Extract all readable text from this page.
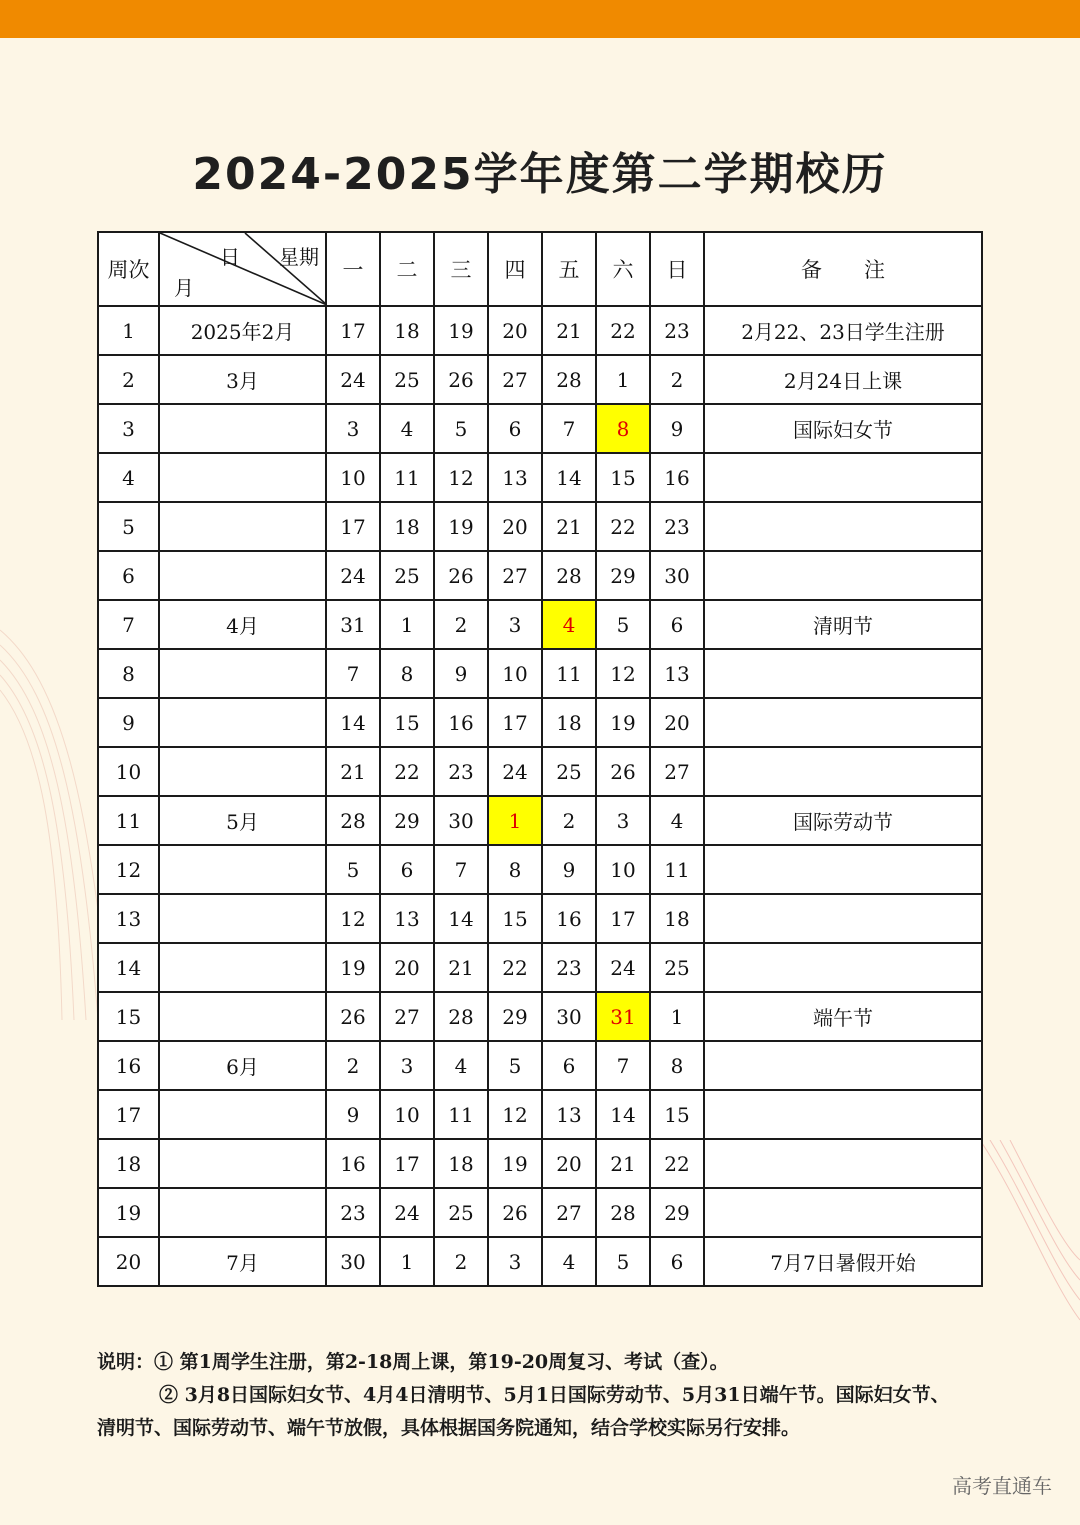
2024-2025学年度第二学期校历
周次	日 星期
月	一	二	三	四	五	六	日	备　　注
1	2025年2月	17	18	19	20	21	22	23	2月22、23日学生注册
2	3月	24	25	26	27	28	1	2	2月24日上课
3		3	4	5	6	7	8	9	国际妇女节
4		10	11	12	13	14	15	16	
5		17	18	19	20	21	22	23	
6		24	25	26	27	28	29	30	
7	4月	31	1	2	3	4	5	6	清明节
8		7	8	9	10	11	12	13	
9		14	15	16	17	18	19	20	
10		21	22	23	24	25	26	27	
11	5月	28	29	30	1	2	3	4	国际劳动节
12		5	6	7	8	9	10	11	
13		12	13	14	15	16	17	18	
14		19	20	21	22	23	24	25	
15		26	27	28	29	30	31	1	端午节
16	6月	2	3	4	5	6	7	8	
17		9	10	11	12	13	14	15	
18		16	17	18	19	20	21	22	
19		23	24	25	26	27	28	29	
20	7月	30	1	2	3	4	5	6	7月7日暑假开始
说明：① 第1周学生注册，第2-18周上课，第19-20周复习、考试（查）。
② 3月8日国际妇女节、4月4日清明节、5月1日国际劳动节、5月31日端午节。国际妇女节、
清明节、国际劳动节、端午节放假，具体根据国务院通知，结合学校实际另行安排。
高考直通车
